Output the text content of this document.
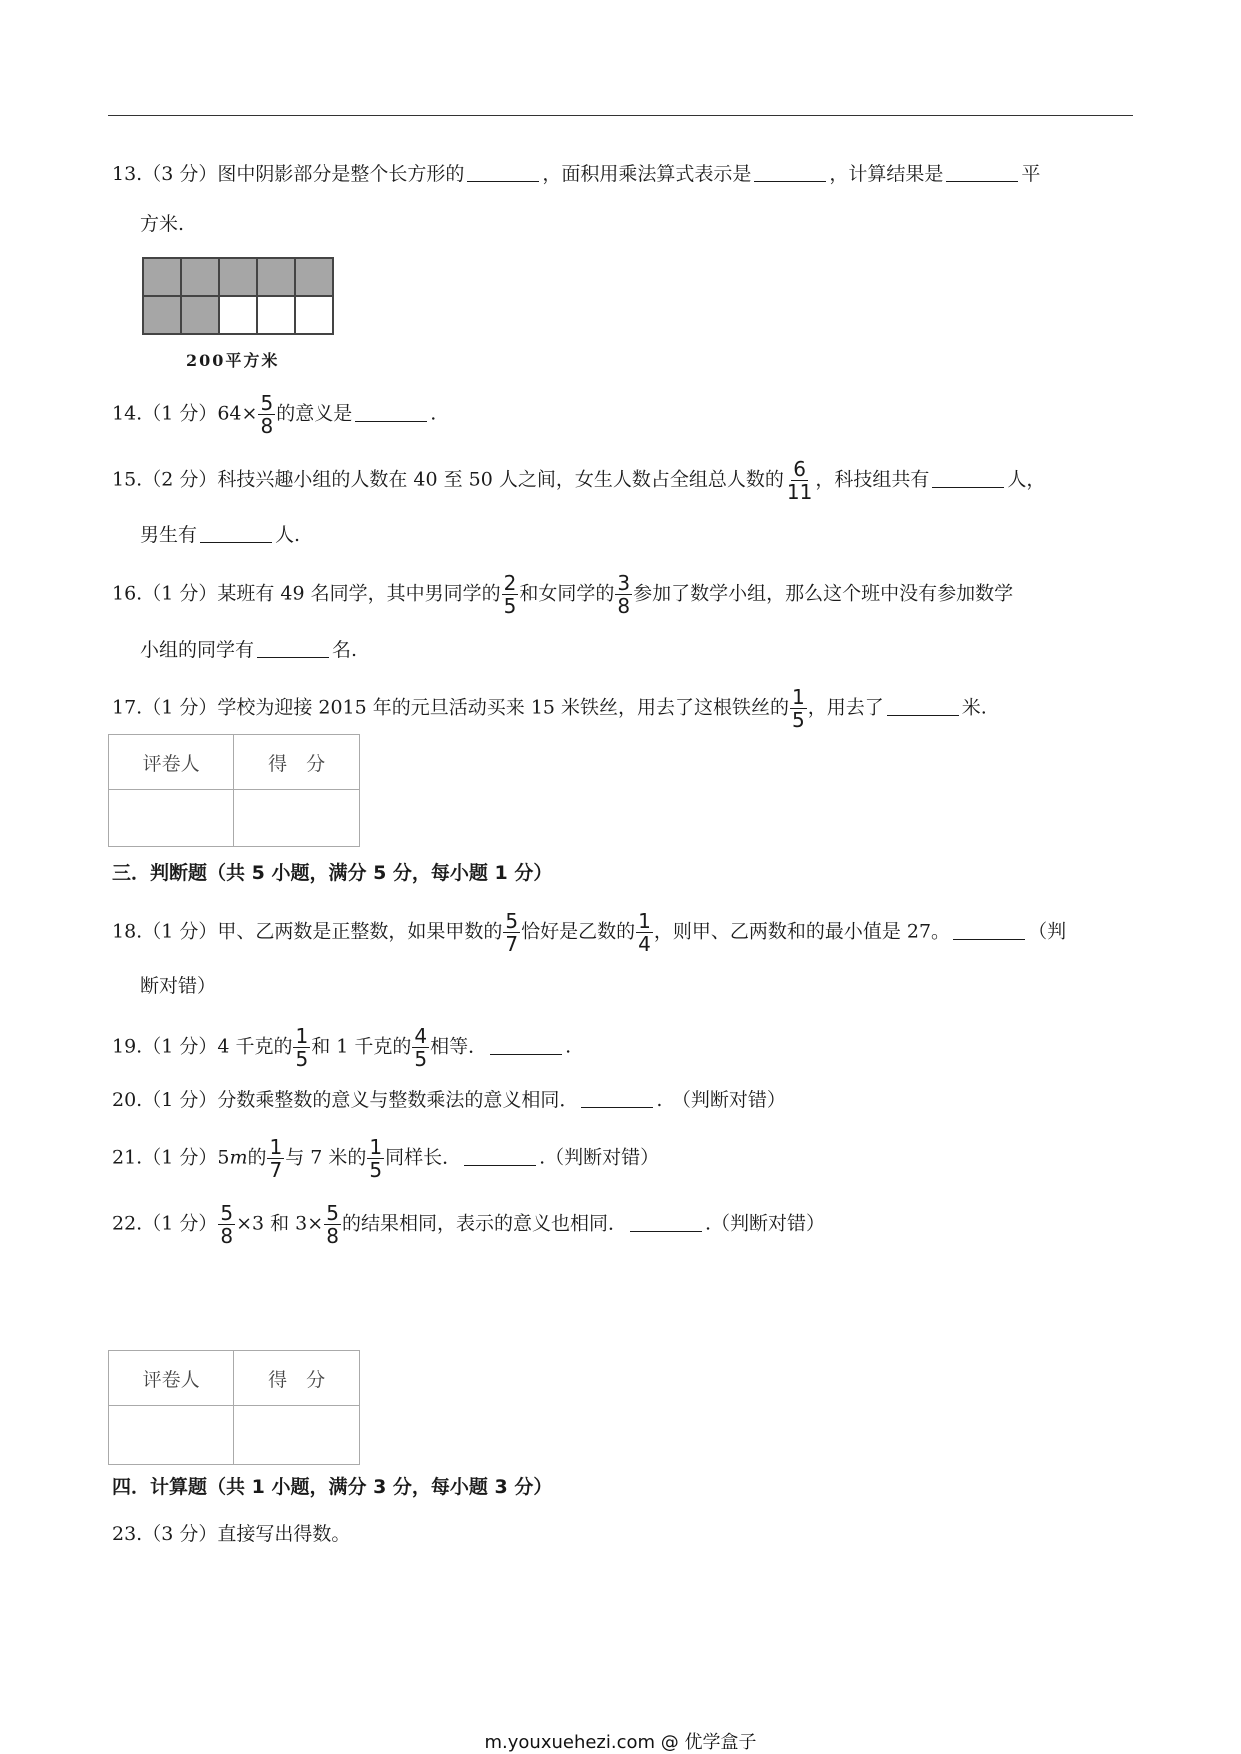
13.（3 分）图中阴影部分是整个长方形的	，面积用乘法算式表示是	，计算结果是	平
方米.
200平方米
14.（1 分）$64\times \frac{5}{8}$ 的意义是	.
15.（2 分）科技兴趣小组的人数在 40 至 50 人之间，女生人数占全组总人数的 $\frac{6}{11}$ ，科技组共有	人，
男生有	人.
16.（1 分）某班有 49 名同学，其中男同学的 $\frac{2}{5}$ 和女同学的 $\frac{3}{8}$ 参加了数学小组，那么这个班中没有参加数学
小组的同学有	名.
17.（1 分）学校为迎接 2015 年的元旦活动买来 15 米铁丝，用去了这根铁丝的 $\frac{1}{5}$ ，用去了	米.
评卷人	得　分

三．判断题（共 5 小题，满分 5 分，每小题 1 分）
18.（1 分）甲、乙两数是正整数，如果甲数的 $\frac{5}{7}$ 恰好是乙数的 $\frac{1}{4}$ ，则甲、乙两数和的最小值是 27。	（判
断对错）
19.（1 分）4 千克的 $\frac{1}{5}$ 和 1 千克的 $\frac{4}{5}$ 相等．	.
20.（1 分）分数乘整数的意义与整数乘法的意义相同．	.　（判断对错）
21.（1 分）5m的 $\frac{1}{7}$ 与 7 米的 $\frac{1}{5}$ 同样长．	.（判断对错）
22.（1 分） $\frac{5}{8} \times 3$ 和 $3\times \frac{5}{8}$ 的结果相同，表示的意义也相同．	.（判断对错）
评卷人	得　分

四．计算题（共 1 小题，满分 3 分，每小题 3 分）
23.（3 分）直接写出得数。
m.youxuehezi.com @ 优学盒子
